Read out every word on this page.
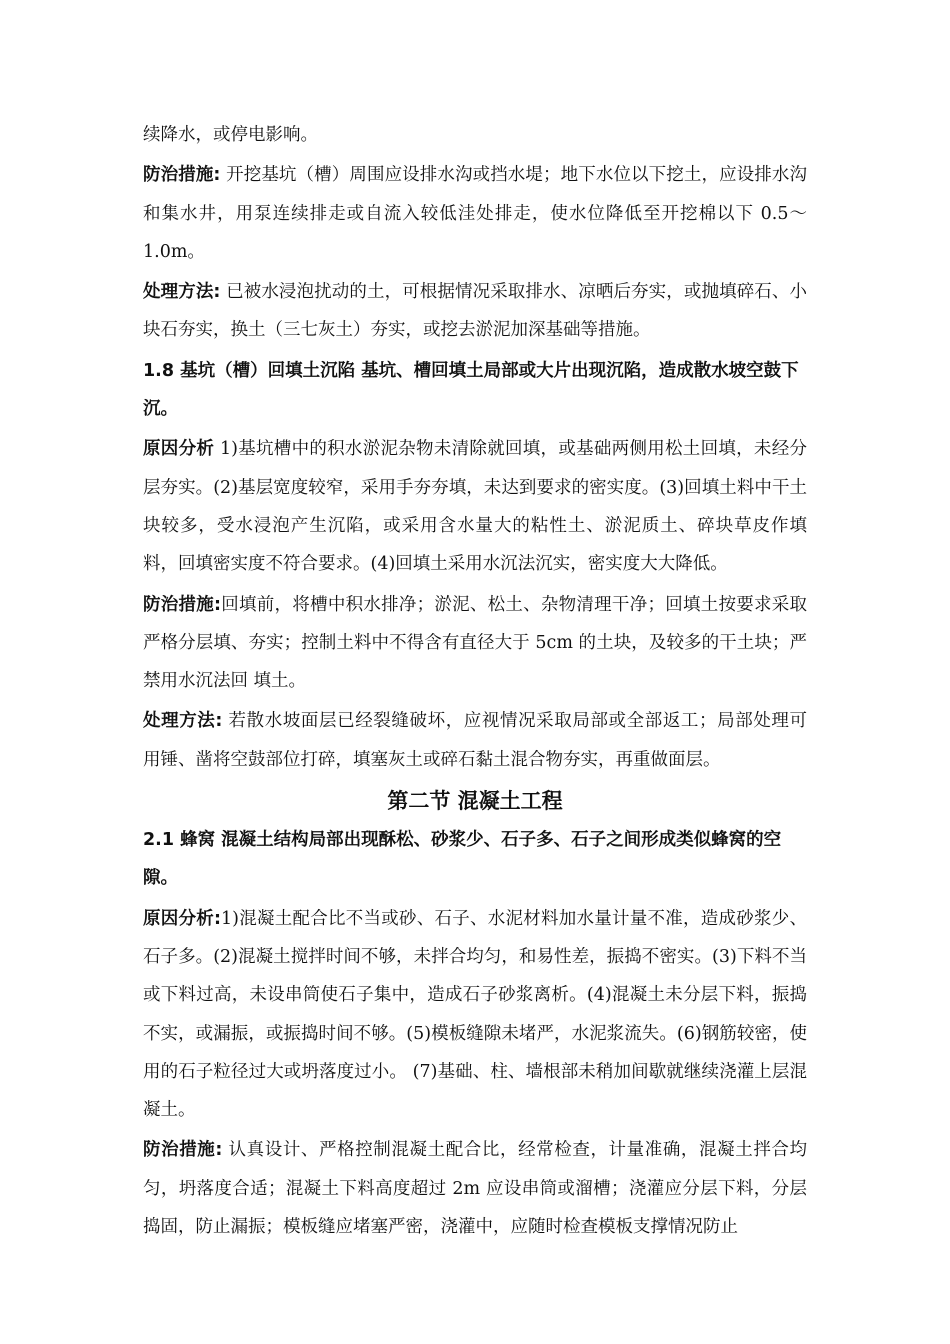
续降水，或停电影响。

防治措施: 开挖基坑（槽）周围应设排水沟或挡水堤；地下水位以下挖土，应设排水沟和集水井，用泵连续排走或自流入较低洼处排走，使水位降低至开挖棉以下 0.5～1.0m。

处理方法: 已被水浸泡扰动的土，可根据情况采取排水、凉晒后夯实，或抛填碎石、小块石夯实，换土（三七灰土）夯实，或挖去淤泥加深基础等措施。

1.8 基坑（槽）回填土沉陷 基坑、槽回填土局部或大片出现沉陷，造成散水坡空鼓下沉。

原因分析 1)基坑槽中的积水淤泥杂物未清除就回填，或基础两侧用松土回填，未经分层夯实。(2)基层宽度较窄，采用手夯夯填，未达到要求的密实度。(3)回填土料中干土块较多，受水浸泡产生沉陷，或采用含水量大的粘性土、淤泥质土、碎块草皮作填料，回填密实度不符合要求。(4)回填土采用水沉法沉实，密实度大大降低。

防治措施:回填前，将槽中积水排净；淤泥、松土、杂物清理干净；回填土按要求采取严格分层填、夯实；控制土料中不得含有直径大于 5cm 的土块，及较多的干土块；严禁用水沉法回 填土。

处理方法: 若散水坡面层已经裂缝破坏，应视情况采取局部或全部返工；局部处理可 用锤、凿将空鼓部位打碎，填塞灰土或碎石黏土混合物夯实，再重做面层。

第二节 混凝土工程

2.1 蜂窝 混凝土结构局部出现酥松、砂浆少、石子多、石子之间形成类似蜂窝的空隙。

原因分析:1)混凝土配合比不当或砂、石子、水泥材料加水量计量不准，造成砂浆少、石子多。(2)混凝土搅拌时间不够，未拌合均匀，和易性差，振捣不密实。(3)下料不当或下料过高，未设串筒使石子集中，造成石子砂浆离析。(4)混凝土未分层下料，振捣不实，或漏振，或振捣时间不够。(5)模板缝隙未堵严，水泥浆流失。(6)钢筋较密，使用的石子粒径过大或坍落度过小。 (7)基础、柱、墙根部未稍加间歇就继续浇灌上层混凝土。

防治措施: 认真设计、严格控制混凝土配合比，经常检查，计量准确，混凝土拌合均匀，坍落度合适；混凝土下料高度超过 2m 应设串筒或溜槽；浇灌应分层下料，分层捣固，防止漏振；模板缝应堵塞严密，浇灌中，应随时检查模板支撑情况防止
